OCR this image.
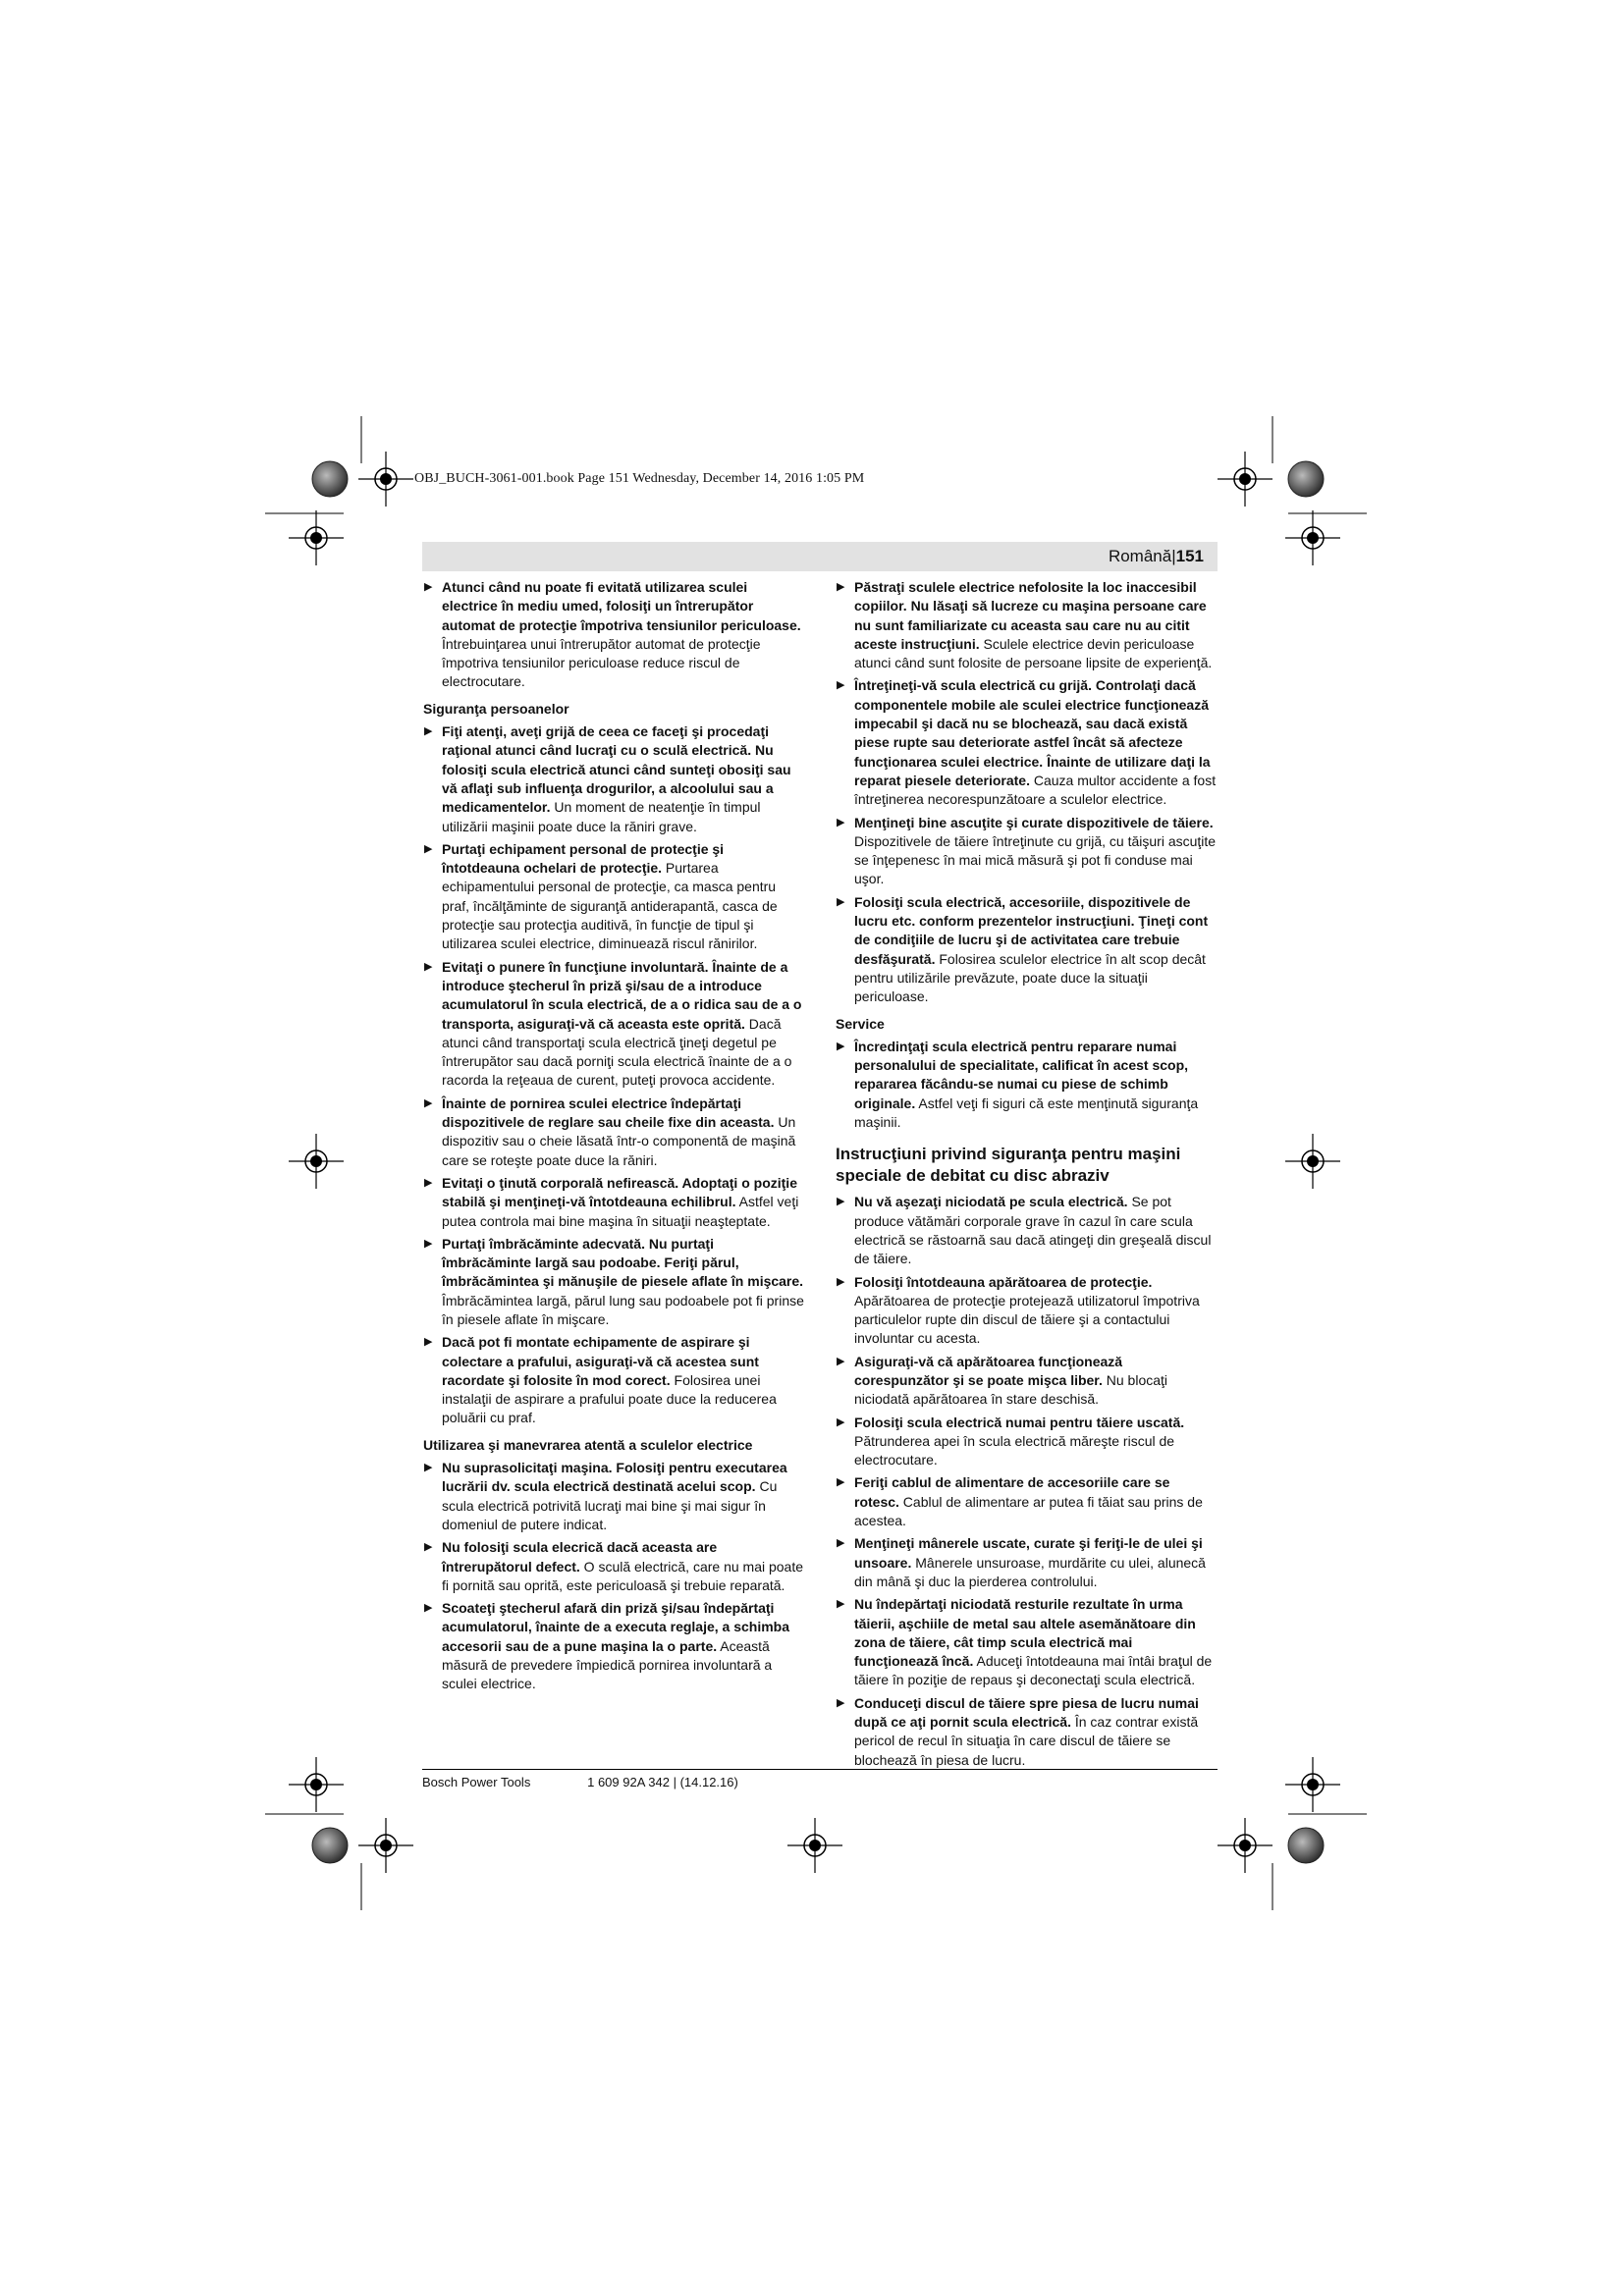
OBJ_BUCH-3061-001.book Page 151 Wednesday, December 14, 2016 1:05 PM
Română|151
▶ Atunci când nu poate fi evitată utilizarea sculei electrice în mediu umed, folosiţi un întrerupător automat de protecţie împotriva tensiunilor periculoase. Întrebuinţarea unui întrerupător automat de protecţie împotriva tensiunilor periculoase reduce riscul de electrocutare.
Siguranţa persoanelor
▶ Fiţi atenţi, aveţi grijă de ceea ce faceţi şi procedaţi raţional atunci când lucraţi cu o sculă electrică. Nu folosiţi scula electrică atunci când sunteţi obosiţi sau vă aflaţi sub influenţa drogurilor, a alcoolului sau a medicamentelor. Un moment de neatenţie în timpul utilizării maşinii poate duce la răniri grave.
▶ Purtaţi echipament personal de protecţie şi întotdeauna ochelari de protecţie. Purtarea echipamentului personal de protecţie, ca masca pentru praf, încălţăminte de siguranţă antiderapantă, casca de protecţie sau protecţia auditivă, în funcţie de tipul şi utilizarea sculei electrice, diminuează riscul rănirilor.
▶ Evitaţi o punere în funcţiune involuntară. Înainte de a introduce ştecherul în priză şi/sau de a introduce acumulatorul în scula electrică, de a o ridica sau de a o transporta, asiguraţi-vă că aceasta este oprită. Dacă atunci când transportaţi scula electrică ţineţi degetul pe întrerupător sau dacă porniţi scula electrică înainte de a o racorda la reţeaua de curent, puteţi provoca accidente.
▶ Înainte de pornirea sculei electrice îndepărtaţi dispozitivele de reglare sau cheile fixe din aceasta. Un dispozitiv sau o cheie lăsată într-o componentă de maşină care se roteşte poate duce la răniri.
▶ Evitaţi o ţinută corporală nefirească. Adoptaţi o poziţie stabilă şi menţineţi-vă întotdeauna echilibrul. Astfel veţi putea controla mai bine maşina în situaţii neaşteptate.
▶ Purtaţi îmbrăcăminte adecvată. Nu purtaţi îmbrăcăminte largă sau podoabe. Feriţi părul, îmbrăcămintea şi mănuşile de piesele aflate în mişcare. Îmbrăcămintea largă, părul lung sau podoabele pot fi prinse în piesele aflate în mişcare.
▶ Dacă pot fi montate echipamente de aspirare şi colectare a prafului, asiguraţi-vă că acestea sunt racordate şi folosite în mod corect. Folosirea unei instalaţii de aspirare a prafului poate duce la reducerea poluării cu praf.
Utilizarea şi manevrarea atentă a sculelor electrice
▶ Nu suprasolicitaţi maşina. Folosiţi pentru executarea lucrării dv. scula electrică destinată acelui scop. Cu scula electrică potrivită lucraţi mai bine şi mai sigur în domeniul de putere indicat.
▶ Nu folosiţi scula elecrică dacă aceasta are întrerupătorul defect. O sculă electrică, care nu mai poate fi pornită sau oprită, este periculoasă şi trebuie reparată.
▶ Scoateţi ştecherul afară din priză şi/sau îndepărtaţi acumulatorul, înainte de a executa reglaje, a schimba accesorii sau de a pune maşina la o parte. Această măsură de prevedere împiedică pornirea involuntară a sculei electrice.
▶ Păstraţi sculele electrice nefolosite la loc inaccesibil copiilor. Nu lăsaţi să lucreze cu maşina persoane care nu sunt familiarizate cu aceasta sau care nu au citit aceste instrucţiuni. Sculele electrice devin periculoase atunci când sunt folosite de persoane lipsite de experienţă.
▶ Întreţineţi-vă scula electrică cu grijă. Controlaţi dacă componentele mobile ale sculei electrice funcţionează impecabil şi dacă nu se blochează, sau dacă există piese rupte sau deteriorate astfel încât să afecteze funcţionarea sculei electrice. Înainte de utilizare daţi la reparat piesele deteriorate. Cauza multor accidente a fost întreţinerea necorespunzătoare a sculelor electrice.
▶ Menţineţi bine ascuţite şi curate dispozitivele de tăiere. Dispozitivele de tăiere întreţinute cu grijă, cu tăişuri ascuţite se înţepenesc în mai mică măsură şi pot fi conduse mai uşor.
▶ Folosiţi scula electrică, accesoriile, dispozitivele de lucru etc. conform prezentelor instrucţiuni. Ţineţi cont de condiţiile de lucru şi de activitatea care trebuie desfăşurată. Folosirea sculelor electrice în alt scop decât pentru utilizările prevăzute, poate duce la situaţii periculoase.
Service
▶ Încredinţaţi scula electrică pentru reparare numai personalului de specialitate, calificat în acest scop, repararea făcându-se numai cu piese de schimb originale. Astfel veţi fi siguri că este menţinută siguranţa maşinii.
Instrucţiuni privind siguranţa pentru maşini speciale de debitat cu disc abraziv
▶ Nu vă aşezaţi niciodată pe scula electrică. Se pot produce vătămări corporale grave în cazul în care scula electrică se răstoarnă sau dacă atingeţi din greşeală discul de tăiere.
▶ Folosiţi întotdeauna apărătoarea de protecţie. Apărătoarea de protecţie protejează utilizatorul împotriva particulelor rupte din discul de tăiere şi a contactului involuntar cu acesta.
▶ Asiguraţi-vă că apărătoarea funcţionează corespunzător şi se poate mişca liber. Nu blocaţi niciodată apărătoarea în stare deschisă.
▶ Folosiţi scula electrică numai pentru tăiere uscată. Pătrunderea apei în scula electrică măreşte riscul de electrocutare.
▶ Feriţi cablul de alimentare de accesoriile care se rotesc. Cablul de alimentare ar putea fi tăiat sau prins de acestea.
▶ Menţineţi mânerele uscate, curate şi feriţi-le de ulei şi unsoare. Mânerele unsuroase, murdărite cu ulei, alunecă din mână şi duc la pierderea controlului.
▶ Nu îndepărtaţi niciodată resturile rezultate în urma tăierii, aşchiile de metal sau altele asemănătoare din zona de tăiere, cât timp scula electrică mai funcţionează încă. Aduceţi întotdeauna mai întâi braţul de tăiere în poziţie de repaus şi deconectaţi scula electrică.
▶ Conduceţi discul de tăiere spre piesa de lucru numai după ce aţi pornit scula electrică. În caz contrar există pericol de recul în situaţia în care discul de tăiere se blochează în piesa de lucru.
Bosch Power Tools                1 609 92A 342 | (14.12.16)
